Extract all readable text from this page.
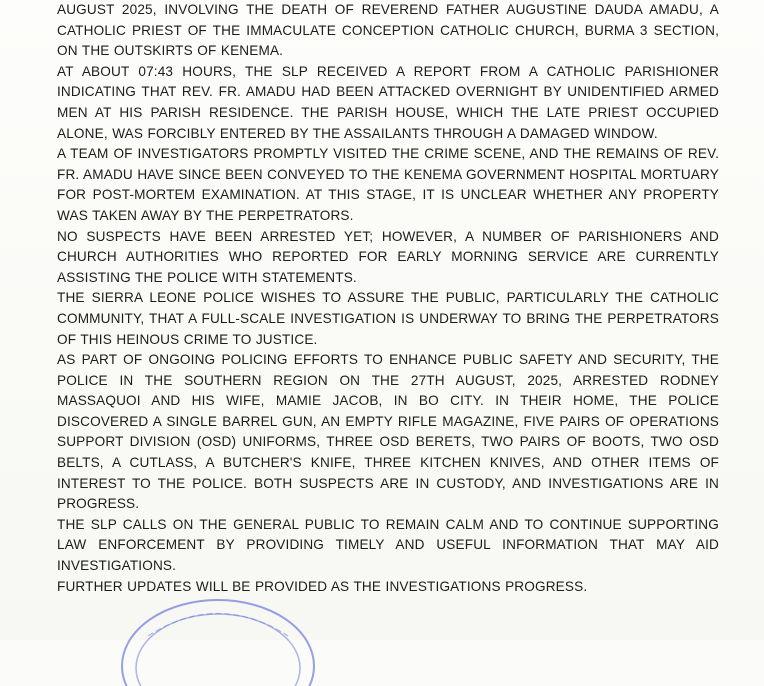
AUGUST 2025, INVOLVING THE DEATH OF REVEREND FATHER AUGUSTINE DAUDA AMADU, A CATHOLIC PRIEST OF THE IMMACULATE CONCEPTION CATHOLIC CHURCH, BURMA 3 SECTION, ON THE OUTSKIRTS OF KENEMA.

AT ABOUT 07:43 HOURS, THE SLP RECEIVED A REPORT FROM A CATHOLIC PARISHIONER INDICATING THAT REV. FR. AMADU HAD BEEN ATTACKED OVERNIGHT BY UNIDENTIFIED ARMED MEN AT HIS PARISH RESIDENCE. THE PARISH HOUSE, WHICH THE LATE PRIEST OCCUPIED ALONE, WAS FORCIBLY ENTERED BY THE ASSAILANTS THROUGH A DAMAGED WINDOW.

A TEAM OF INVESTIGATORS PROMPTLY VISITED THE CRIME SCENE, AND THE REMAINS OF REV. FR. AMADU HAVE SINCE BEEN CONVEYED TO THE KENEMA GOVERNMENT HOSPITAL MORTUARY FOR POST-MORTEM EXAMINATION. AT THIS STAGE, IT IS UNCLEAR WHETHER ANY PROPERTY WAS TAKEN AWAY BY THE PERPETRATORS.

NO SUSPECTS HAVE BEEN ARRESTED YET; HOWEVER, A NUMBER OF PARISHIONERS AND CHURCH AUTHORITIES WHO REPORTED FOR EARLY MORNING SERVICE ARE CURRENTLY ASSISTING THE POLICE WITH STATEMENTS.

THE SIERRA LEONE POLICE WISHES TO ASSURE THE PUBLIC, PARTICULARLY THE CATHOLIC COMMUNITY, THAT A FULL-SCALE INVESTIGATION IS UNDERWAY TO BRING THE PERPETRATORS OF THIS HEINOUS CRIME TO JUSTICE.

AS PART OF ONGOING POLICING EFFORTS TO ENHANCE PUBLIC SAFETY AND SECURITY, THE POLICE IN THE SOUTHERN REGION ON THE 27TH AUGUST, 2025, ARRESTED RODNEY MASSAQUOI AND HIS WIFE, MAMIE JACOB, IN BO CITY. IN THEIR HOME, THE POLICE DISCOVERED A SINGLE BARREL GUN, AN EMPTY RIFLE MAGAZINE, FIVE PAIRS OF OPERATIONS SUPPORT DIVISION (OSD) UNIFORMS, THREE OSD BERETS, TWO PAIRS OF BOOTS, TWO OSD BELTS, A CUTLASS, A BUTCHER'S KNIFE, THREE KITCHEN KNIVES, AND OTHER ITEMS OF INTEREST TO THE POLICE. BOTH SUSPECTS ARE IN CUSTODY, AND INVESTIGATIONS ARE IN PROGRESS.

THE SLP CALLS ON THE GENERAL PUBLIC TO REMAIN CALM AND TO CONTINUE SUPPORTING LAW ENFORCEMENT BY PROVIDING TIMELY AND USEFUL INFORMATION THAT MAY AID INVESTIGATIONS.

FURTHER UPDATES WILL BE PROVIDED AS THE INVESTIGATIONS PROGRESS.
